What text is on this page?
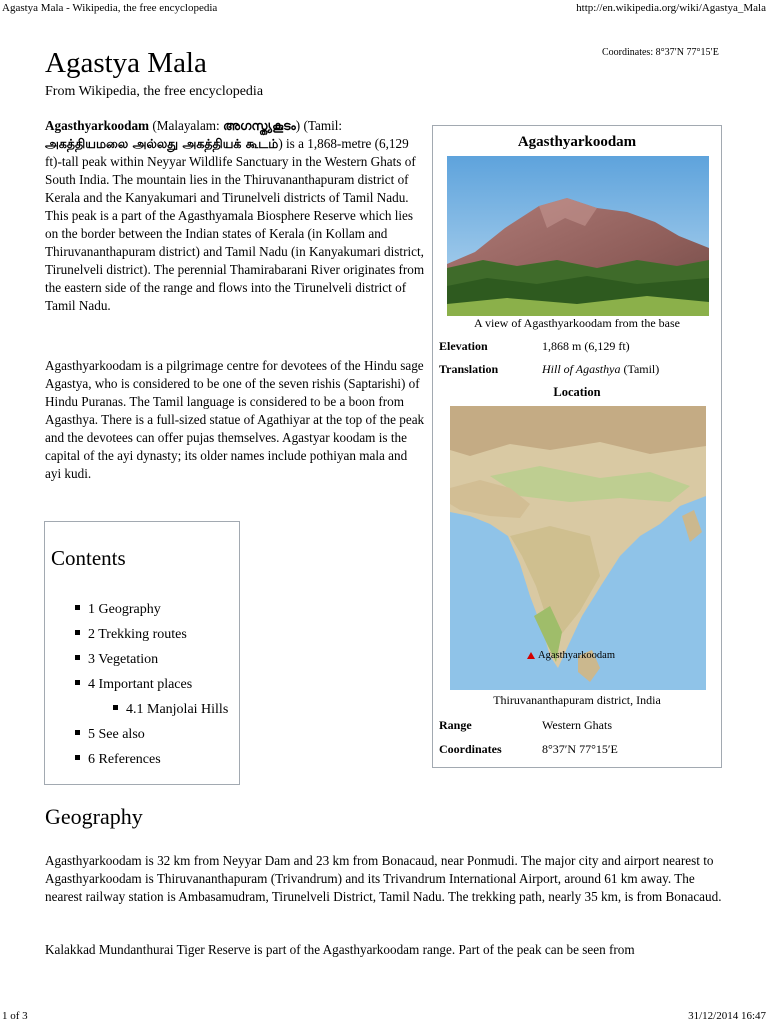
Agastya Mala - Wikipedia, the free encyclopedia	http://en.wikipedia.org/wiki/Agastya_Mala
1 of 3	31/12/2014 16:47
Coordinates: 8°37′N 77°15′E
Agastya Mala
From Wikipedia, the free encyclopedia

Agasthyarkoodam (Malayalam: അഗസ്ത്യകൂടം) (Tamil: அகத்தியமலை அல்லது அகத்தியக் கூடம்) is a 1,868-metre (6,129 ft)-tall peak within Neyyar Wildlife Sanctuary in the Western Ghats of South India. The mountain lies in the Thiruvananthapuram district of Kerala and the Kanyakumari and Tirunelveli districts of Tamil Nadu. This peak is a part of the Agasthyamala Biosphere Reserve which lies on the border between the Indian states of Kerala (in Kollam and Thiruvananthapuram district) and Tamil Nadu (in Kanyakumari district, Tirunelveli district). The perennial Thamirabarani River originates from the eastern side of the range and flows into the Tirunelveli district of Tamil Nadu.

Agasthyarkoodam is a pilgrimage centre for devotees of the Hindu sage Agastya, who is considered to be one of the seven rishis (Saptarishi) of Hindu Puranas. The Tamil language is considered to be a boon from Agasthya. There is a full-sized statue of Agathiyar at the top of the peak and the devotees can offer pujas themselves. Agastyar koodam is the capital of the ayi dynasty; its older names include pothiyan mala and ayi kudi.

Contents
1 Geography
2 Trekking routes
3 Vegetation
4 Important places
4.1 Manjolai Hills
5 See also
6 References
Geography

Agasthyarkoodam is 32 km from Neyyar Dam and 23 km from Bonacaud, near Ponmudi. The major city and airport nearest to Agasthyarkoodam is Thiruvananthapuram (Trivandrum) and its Trivandrum International Airport, around 61 km away. The nearest railway station is Ambasamudram, Tirunelveli District, Tamil Nadu. The trekking path, nearly 35 km, is from Bonacaud.

Kalakkad Mundanthurai Tiger Reserve is part of the Agasthyarkoodam range. Part of the peak can be seen from

Agasthyarkoodam
A view of Agasthyarkoodam from the base
Elevation	1,868 m (6,129 ft)
Translation	Hill of Agasthya (Tamil)
Location
Agasthyarkoodam
Thiruvananthapuram district, India
Range	Western Ghats
Coordinates	8°37′N 77°15′E
